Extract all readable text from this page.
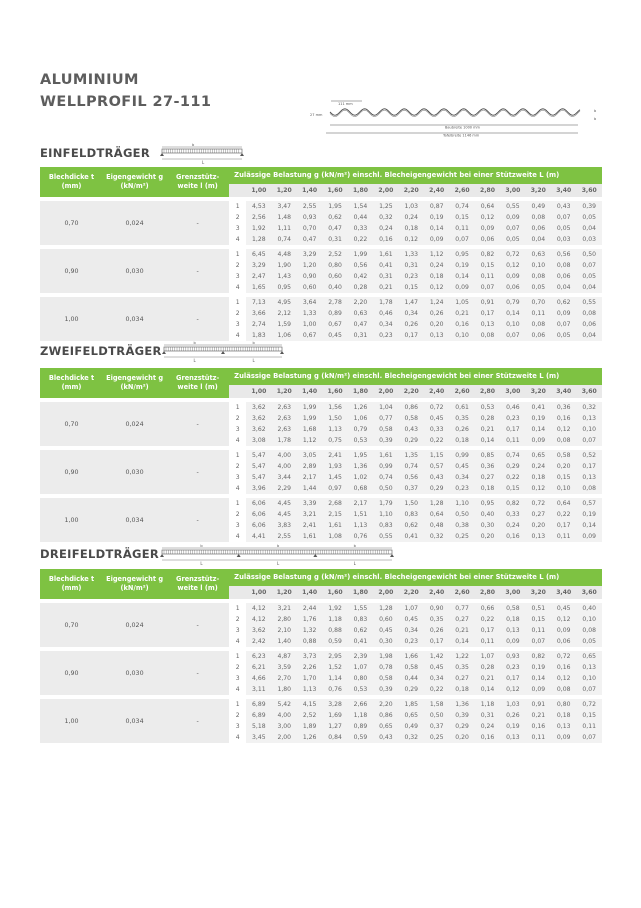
ALUMINIUM
WELLPROFIL 27-111	111 mm
27 mm
Baubreite 1000 mm
Tafelbreite 1146 mm
b
b
EINFELDTRÄGER
L
b
Blechdicke t (mm)	Eigengewicht g (kN/m²)	Grenzstütz-weite l (m)	Zulässige Belastung g (kN/m²) einschl. Blecheigengewicht bei einer Stützweite L (m)														
				1,00	1,20	1,40	1,60	1,80	2,00	2,20	2,40	2,60	2,80	3,00	3,20	3,40	3,60

0,70	0,024	-	1	4,53	3,47	2,55	1,95	1,54	1,25	1,03	0,87	0,74	0,64	0,55	0,49	0,43	0,39
			2	2,56	1,48	0,93	0,62	0,44	0,32	0,24	0,19	0,15	0,12	0,09	0,08	0,07	0,05
			3	1,92	1,11	0,70	0,47	0,33	0,24	0,18	0,14	0,11	0,09	0,07	0,06	0,05	0,04
			4	1,28	0,74	0,47	0,31	0,22	0,16	0,12	0,09	0,07	0,06	0,05	0,04	0,03	0,03

0,90	0,030	-	1	6,45	4,48	3,29	2,52	1,99	1,61	1,33	1,12	0,95	0,82	0,72	0,63	0,56	0,50
			2	3,29	1,90	1,20	0,80	0,56	0,41	0,31	0,24	0,19	0,15	0,12	0,10	0,08	0,07
			3	2,47	1,43	0,90	0,60	0,42	0,31	0,23	0,18	0,14	0,11	0,09	0,08	0,06	0,05
			4	1,65	0,95	0,60	0,40	0,28	0,21	0,15	0,12	0,09	0,07	0,06	0,05	0,04	0,04

1,00	0,034	-	1	7,13	4,95	3,64	2,78	2,20	1,78	1,47	1,24	1,05	0,91	0,79	0,70	0,62	0,55
			2	3,66	2,12	1,33	0,89	0,63	0,46	0,34	0,26	0,21	0,17	0,14	0,11	0,09	0,08
			3	2,74	1,59	1,00	0,67	0,47	0,34	0,26	0,20	0,16	0,13	0,10	0,08	0,07	0,06
			4	1,83	1,06	0,67	0,45	0,31	0,23	0,17	0,13	0,10	0,08	0,07	0,06	0,05	0,04
ZWEIFELDTRÄGER
L
b
L
b
Blechdicke t (mm)	Eigengewicht g (kN/m²)	Grenzstütz-weite l (m)	Zulässige Belastung g (kN/m²) einschl. Blecheigengewicht bei einer Stützweite L (m)														
				1,00	1,20	1,40	1,60	1,80	2,00	2,20	2,40	2,60	2,80	3,00	3,20	3,40	3,60

0,70	0,024	-	1	3,62	2,63	1,99	1,56	1,26	1,04	0,86	0,72	0,61	0,53	0,46	0,41	0,36	0,32
			2	3,62	2,63	1,99	1,50	1,06	0,77	0,58	0,45	0,35	0,28	0,23	0,19	0,16	0,13
			3	3,62	2,63	1,68	1,13	0,79	0,58	0,43	0,33	0,26	0,21	0,17	0,14	0,12	0,10
			4	3,08	1,78	1,12	0,75	0,53	0,39	0,29	0,22	0,18	0,14	0,11	0,09	0,08	0,07

0,90	0,030	-	1	5,47	4,00	3,05	2,41	1,95	1,61	1,35	1,15	0,99	0,85	0,74	0,65	0,58	0,52
			2	5,47	4,00	2,89	1,93	1,36	0,99	0,74	0,57	0,45	0,36	0,29	0,24	0,20	0,17
			3	5,47	3,44	2,17	1,45	1,02	0,74	0,56	0,43	0,34	0,27	0,22	0,18	0,15	0,13
			4	3,96	2,29	1,44	0,97	0,68	0,50	0,37	0,29	0,23	0,18	0,15	0,12	0,10	0,08

1,00	0,034	-	1	6,06	4,45	3,39	2,68	2,17	1,79	1,50	1,28	1,10	0,95	0,82	0,72	0,64	0,57
			2	6,06	4,45	3,21	2,15	1,51	1,10	0,83	0,64	0,50	0,40	0,33	0,27	0,22	0,19
			3	6,06	3,83	2,41	1,61	1,13	0,83	0,62	0,48	0,38	0,30	0,24	0,20	0,17	0,14
			4	4,41	2,55	1,61	1,08	0,76	0,55	0,41	0,32	0,25	0,20	0,16	0,13	0,11	0,09
DREIFELDTRÄGER
L
b
L
b
L
b
Blechdicke t (mm)	Eigengewicht g (kN/m²)	Grenzstütz-weite l (m)	Zulässige Belastung g (kN/m²) einschl. Blecheigengewicht bei einer Stützweite L (m)														
				1,00	1,20	1,40	1,60	1,80	2,00	2,20	2,40	2,60	2,80	3,00	3,20	3,40	3,60

0,70	0,024	-	1	4,12	3,21	2,44	1,92	1,55	1,28	1,07	0,90	0,77	0,66	0,58	0,51	0,45	0,40
			2	4,12	2,80	1,76	1,18	0,83	0,60	0,45	0,35	0,27	0,22	0,18	0,15	0,12	0,10
			3	3,62	2,10	1,32	0,88	0,62	0,45	0,34	0,26	0,21	0,17	0,13	0,11	0,09	0,08
			4	2,42	1,40	0,88	0,59	0,41	0,30	0,23	0,17	0,14	0,11	0,09	0,07	0,06	0,05

0,90	0,030	-	1	6,23	4,87	3,73	2,95	2,39	1,98	1,66	1,42	1,22	1,07	0,93	0,82	0,72	0,65
			2	6,21	3,59	2,26	1,52	1,07	0,78	0,58	0,45	0,35	0,28	0,23	0,19	0,16	0,13
			3	4,66	2,70	1,70	1,14	0,80	0,58	0,44	0,34	0,27	0,21	0,17	0,14	0,12	0,10
			4	3,11	1,80	1,13	0,76	0,53	0,39	0,29	0,22	0,18	0,14	0,12	0,09	0,08	0,07

1,00	0,034	-	1	6,89	5,42	4,15	3,28	2,66	2,20	1,85	1,58	1,36	1,18	1,03	0,91	0,80	0,72
			2	6,89	4,00	2,52	1,69	1,18	0,86	0,65	0,50	0,39	0,31	0,26	0,21	0,18	0,15
			3	5,18	3,00	1,89	1,27	0,89	0,65	0,49	0,37	0,29	0,24	0,19	0,16	0,13	0,11
			4	3,45	2,00	1,26	0,84	0,59	0,43	0,32	0,25	0,20	0,16	0,13	0,11	0,09	0,07
